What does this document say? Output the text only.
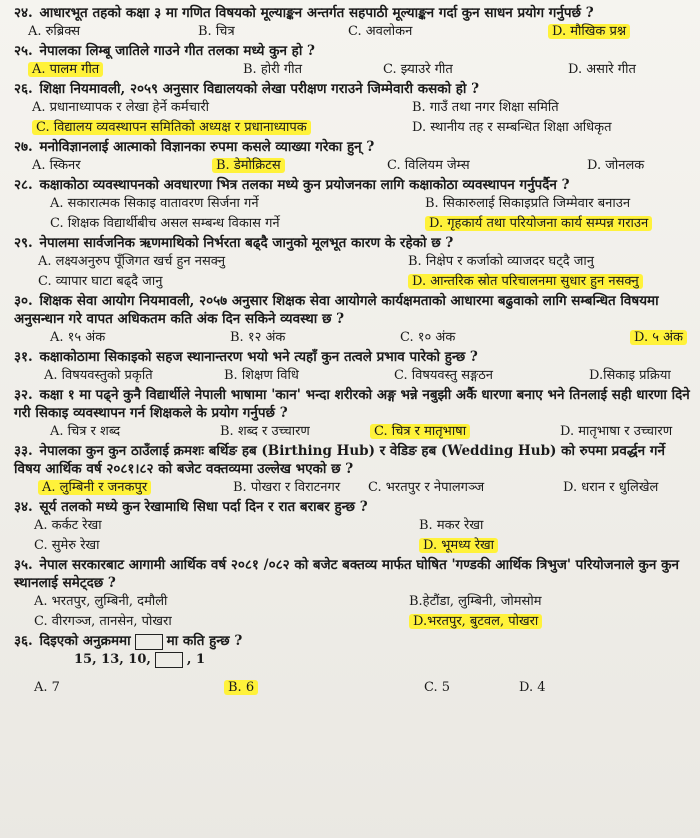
२४. आधारभूत तहको कक्षा ३ मा गणित विषयको मूल्याङ्कन अन्तर्गत सहपाठी मूल्याङ्कन गर्दा कुन साधन प्रयोग गर्नुपर्छ ?
A. रुब्रिक्स	B. चित्र	C. अवलोकन	D. मौखिक प्रश्न
२५. नेपालका लिम्बू जातिले गाउने गीत तलका मध्ये कुन हो ?
A. पालम गीत	B. होरी गीत	C. झ्याउरे गीत	D. असारे गीत
२६. शिक्षा नियमावली, २०५९ अनुसार विद्यालयको लेखा परीक्षण गराउने जिम्मेवारी कसको हो ?
A. प्रधानाध्यापक र लेखा हेर्ने कर्मचारी	B. गाउँ तथा नगर शिक्षा समिति
C. विद्यालय व्यवस्थापन समितिको अध्यक्ष र प्रधानाध्यापक	D. स्थानीय तह र सम्बन्धित शिक्षा अधिकृत
२७. मनोविज्ञानलाई आत्माको विज्ञानका रुपमा कसले व्याख्या गरेका हुन् ?
A. स्किनर	B. डेमोक्रिटस	C. विलियम जेम्स	D. जोनलक
२८. कक्षाकोठा व्यवस्थापनको अवधारणा भित्र तलका मध्ये कुन प्रयोजनका लागि कक्षाकोठा व्यवस्थापन गर्नुपर्दैन ?
A. सकारात्मक सिकाइ वातावरण सिर्जना गर्ने	B. सिकारुलाई सिकाइप्रति जिम्मेवार बनाउन
C. शिक्षक विद्यार्थीबीच असल सम्बन्ध विकास गर्ने	D. गृहकार्य तथा परियोजना कार्य सम्पन्न गराउन
२९. नेपालमा सार्वजनिक ऋणमाथिको निर्भरता बढ्दै जानुको मूलभूत कारण के रहेको छ ?
A. लक्ष्यअनुरुप पूँजिगत खर्च हुन नसक्नु	B. निक्षेप र कर्जाको व्याजदर घट्दै जानु
C. व्यापार घाटा बढ्दै जानु	D. आन्तरिक स्रोत परिचालनमा सुधार हुन नसक्नु
३०. शिक्षक सेवा आयोग नियमावली, २०५७ अनुसार शिक्षक सेवा आयोगले कार्यक्षमताको आधारमा बढुवाको लागि सम्बन्धित विषयमा अनुसन्धान गरे वापत अधिकतम कति अंक दिन सकिने व्यवस्था छ ?
A. १५ अंक	B. १२ अंक	C. १० अंक	D. ५ अंक
३१. कक्षाकोठामा सिकाइको सहज स्थानान्तरण भयो भने त्यहाँ कुन तत्वले प्रभाव पारेको हुन्छ ?
A. विषयवस्तुको प्रकृति	B. शिक्षण विधि	C. विषयवस्तु सङ्गठन	D.सिकाइ प्रक्रिया
३२. कक्षा १ मा पढ्ने कुनै विद्यार्थीले नेपाली भाषामा 'कान' भन्दा शरीरको अङ्ग भन्ने नबुझी अर्कै धारणा बनाए भने तिनलाई सही धारणा दिने गरी सिकाइ व्यवस्थापन गर्न शिक्षकले के प्रयोग गर्नुपर्छ ?
A. चित्र र शब्द	B. शब्द र उच्चारण	C. चित्र र मातृभाषा	D. मातृभाषा र उच्चारण
३३. नेपालका कुन कुन ठाउँलाई क्रमशः बर्थिङ हब (Birthing Hub) र वेडिङ हब (Wedding Hub) को रुपमा प्रवर्द्धन गर्ने विषय आर्थिक वर्ष २०८१।८२ को बजेट वक्तव्यमा उल्लेख भएको छ ?
A. लुम्बिनी र जनकपुर	B. पोखरा र विराटनगर	C. भरतपुर र नेपालगञ्ज	D. धरान र धुलिखेल
३४. सूर्य तलको मध्ये कुन रेखामाथि सिधा पर्दा दिन र रात बराबर हुन्छ ?
A. कर्कट रेखा	B. मकर रेखा
C. सुमेरु रेखा	D. भूमध्य रेखा
३५. नेपाल सरकारबाट आगामी आर्थिक वर्ष २०८१ /०८२ को बजेट बक्तव्य मार्फत घोषित 'गण्डकी आर्थिक त्रिभुज' परियोजनाले कुन कुन स्थानलाई समेट्दछ ?
A. भरतपुर, लुम्बिनी, दमौली	B.हेटौंडा, लुम्बिनी, जोमसोम
C. वीरगञ्ज, तानसेन, पोखरा	D.भरतपुर, बुटवल, पोखरा
३६. दिइएको अनुक्रममा	मा कति हुन्छ ?
15, 13, 10,	, 1
A. 7	B. 6	C. 5	D. 4
